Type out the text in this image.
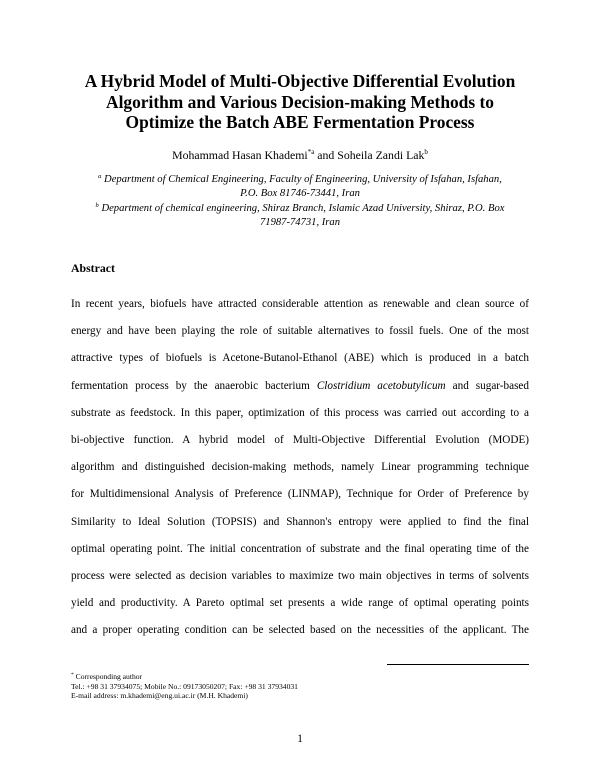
A Hybrid Model of Multi-Objective Differential Evolution
Algorithm and Various Decision-making Methods to
Optimize the Batch ABE Fermentation Process
Mohammad Hasan Khademi$^{*a}$ and Soheila Zandi Lak$^b$
$^a$ Department of Chemical Engineering, Faculty of Engineering, University of Isfahan, Isfahan,
P.O. Box 81746-73441, Iran
$^b$ Department of chemical engineering, Shiraz Branch, Islamic Azad University, Shiraz, P.O. Box
71987-74731, Iran
Abstract
In recent years, biofuels have attracted considerable attention as renewable and clean source of
energy and have been playing the role of suitable alternatives to fossil fuels. One of the most
attractive types of biofuels is Acetone-Butanol-Ethanol (ABE) which is produced in a batch
fermentation process by the anaerobic bacterium Clostridium acetobutylicum and sugar-based
substrate as feedstock. In this paper, optimization of this process was carried out according to a
bi-objective function. A hybrid model of Multi-Objective Differential Evolution (MODE)
algorithm and distinguished decision-making methods, namely Linear programming technique
for Multidimensional Analysis of Preference (LINMAP), Technique for Order of Preference by
Similarity to Ideal Solution (TOPSIS) and Shannon's entropy were applied to find the final
optimal operating point. The initial concentration of substrate and the final operating time of the
process were selected as decision variables to maximize two main objectives in terms of solvents
yield and productivity. A Pareto optimal set presents a wide range of optimal operating points
and a proper operating condition can be selected based on the necessities of the applicant. The
* Corresponding author
Tel.: +98 31 37934075; Mobile No.: 09173050207; Fax: +98 31 37934031
E-mail address: m.khademi@eng.ui.ac.ir (M.H. Khademi)
1
